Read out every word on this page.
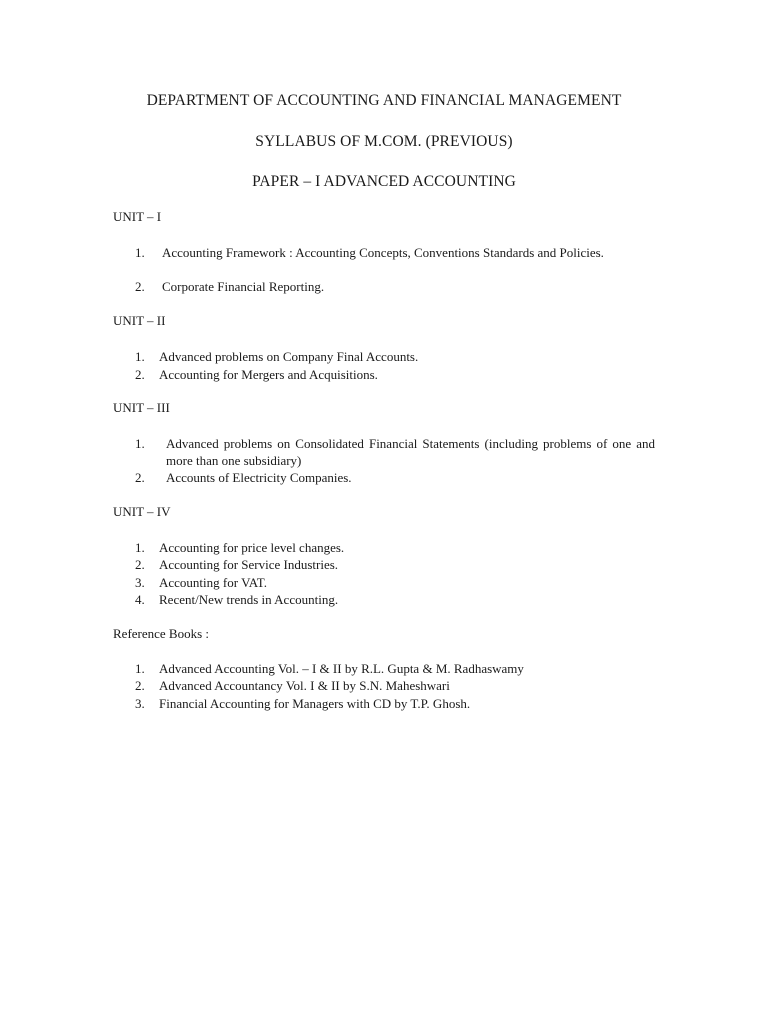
DEPARTMENT OF ACCOUNTING AND FINANCIAL MANAGEMENT
SYLLABUS OF M.COM. (PREVIOUS)
PAPER – I ADVANCED ACCOUNTING
UNIT – I
1. Accounting Framework : Accounting Concepts, Conventions Standards and Policies.
2. Corporate Financial Reporting.
UNIT – II
1. Advanced problems on Company Final Accounts.
2. Accounting for Mergers and Acquisitions.
UNIT – III
1. Advanced problems on Consolidated Financial Statements (including problems of one and more than one subsidiary)
2. Accounts of Electricity Companies.
UNIT – IV
1. Accounting for price level changes.
2. Accounting for Service Industries.
3. Accounting for VAT.
4. Recent/New trends in Accounting.
Reference Books :
1. Advanced Accounting Vol. – I & II by R.L. Gupta & M. Radhaswamy
2. Advanced Accountancy Vol. I & II by S.N. Maheshwari
3. Financial Accounting for Managers with CD by T.P. Ghosh.
